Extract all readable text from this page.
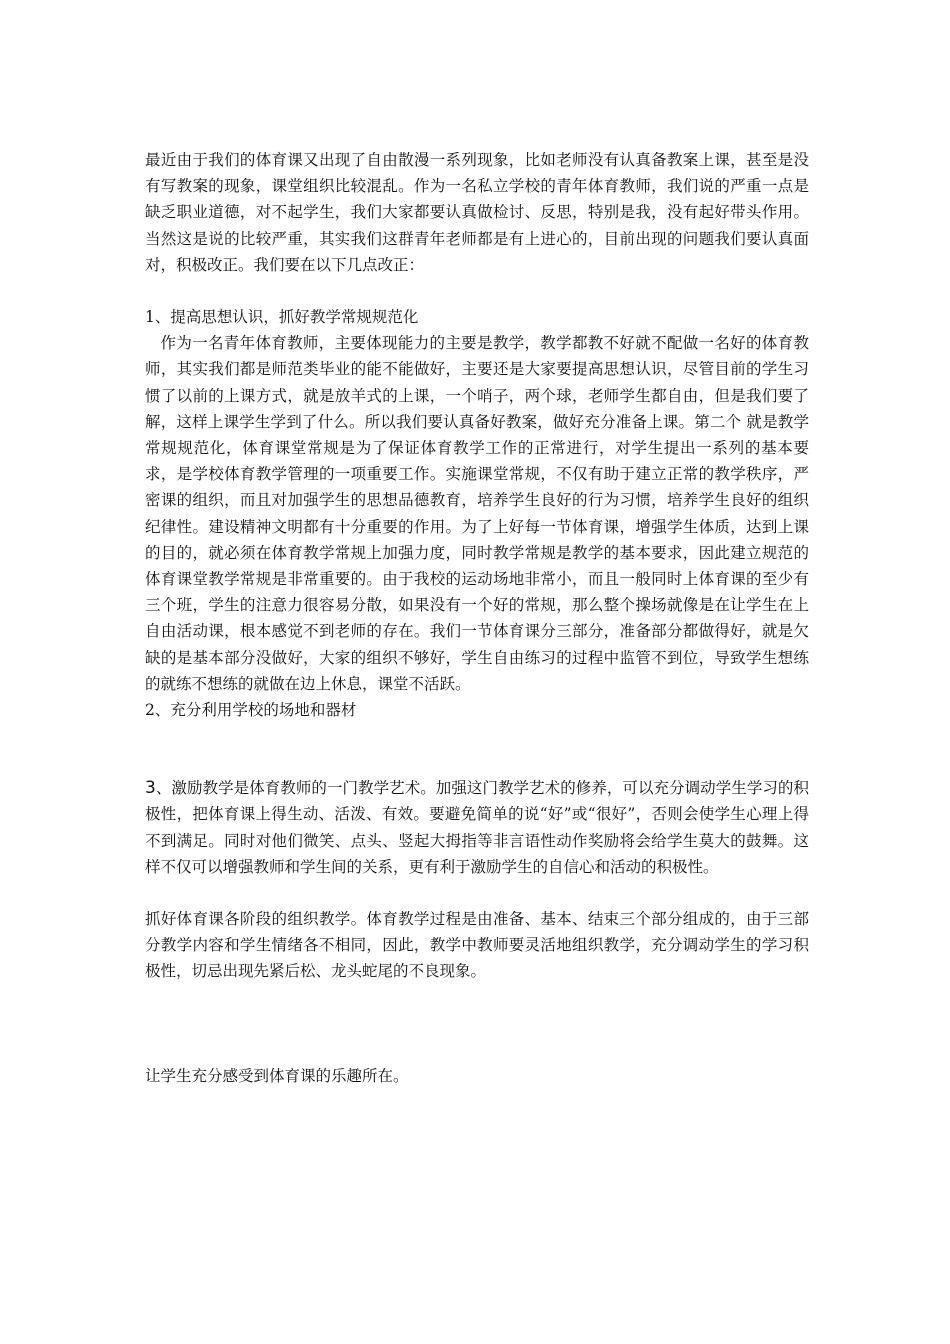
最近由于我们的体育课又出现了自由散漫一系列现象，比如老师没有认真备教案上课，甚至是没有写教案的现象，课堂组织比较混乱。作为一名私立学校的青年体育教师，我们说的严重一点是缺乏职业道德，对不起学生，我们大家都要认真做检讨、反思，特别是我，没有起好带头作用。当然这是说的比较严重，其实我们这群青年老师都是有上进心的，目前出现的问题我们要认真面对，积极改正。我们要在以下几点改正：

1、提高思想认识，抓好教学常规规范化

作为一名青年体育教师，主要体现能力的主要是教学，教学都教不好就不配做一名好的体育教师，其实我们都是师范类毕业的能不能做好，主要还是大家要提高思想认识，尽管目前的学生习惯了以前的上课方式，就是放羊式的上课，一个哨子，两个球，老师学生都自由，但是我们要了解，这样上课学生学到了什么。所以我们要认真备好教案，做好充分准备上课。第二个 就是教学常规规范化，体育课堂常规是为了保证体育教学工作的正常进行，对学生提出一系列的基本要求，是学校体育教学管理的一项重要工作。实施课堂常规，不仅有助于建立正常的教学秩序，严密课的组织，而且对加强学生的思想品德教育，培养学生良好的行为习惯，培养学生良好的组织纪律性。建设精神文明都有十分重要的作用。为了上好每一节体育课，增强学生体质，达到上课的目的，就必须在体育教学常规上加强力度，同时教学常规是教学的基本要求，因此建立规范的体育课堂教学常规是非常重要的。由于我校的运动场地非常小，而且一般同时上体育课的至少有三个班，学生的注意力很容易分散，如果没有一个好的常规，那么整个操场就像是在让学生在上自由活动课，根本感觉不到老师的存在。我们一节体育课分三部分，准备部分都做得好，就是欠缺的是基本部分没做好，大家的组织不够好，学生自由练习的过程中监管不到位，导致学生想练的就练不想练的就做在边上休息，课堂不活跃。

2、充分利用学校的场地和器材

3、激励教学是体育教师的一门教学艺术。加强这门教学艺术的修养，可以充分调动学生学习的积极性，把体育课上得生动、活泼、有效。要避免简单的说“好”或“很好”，否则会使学生心理上得不到满足。同时对他们微笑、点头、竖起大拇指等非言语性动作奖励将会给学生莫大的鼓舞。这样不仅可以增强教师和学生间的关系，更有利于激励学生的自信心和活动的积极性。

抓好体育课各阶段的组织教学。体育教学过程是由准备、基本、结束三个部分组成的，由于三部分教学内容和学生情绪各不相同，因此，教学中教师要灵活地组织教学，充分调动学生的学习积极性，切忌出现先紧后松、龙头蛇尾的不良现象。

让学生充分感受到体育课的乐趣所在。
